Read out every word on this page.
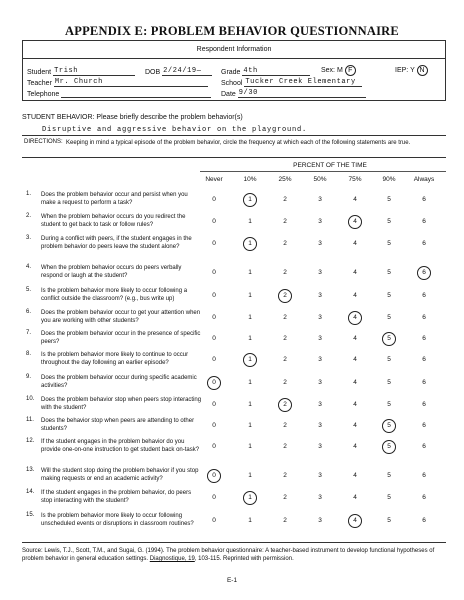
APPENDIX E: PROBLEM BEHAVIOR QUESTIONNAIRE
Respondent Information
Student Trish	DOB 2/24/19—	Grade 4th	Sex: M F	IEP: Y N
Teacher Mr. Church	School Tucker Creek Elementary
Telephone	Date 9/30
STUDENT BEHAVIOR: Please briefly describe the problem behavior(s)
Disruptive and aggressive behavior on the playground.
DIRECTIONS: Keeping in mind a typical episode of the problem behavior, circle the frequency at which each of the following statements are true.
PERCENT OF THE TIME
Never	10%	25%	50%	75%	90%	Always
1.	Does the problem behavior occur and persist when you make a request to perform a task?	0	1	2	3	4	5	6
2.	When the problem behavior occurs do you redirect the student to get back to task or follow rules?	0	1	2	3	4	5	6
3.	During a conflict with peers, if the student engages in the problem behavior do peers leave the student alone?	0	1	2	3	4	5	6
4.	When the problem behavior occurs do peers verbally respond or laugh at the student?	0	1	2	3	4	5	6
5.	Is the problem behavior more likely to occur following a conflict outside the classroom? (e.g., bus write up)	0	1	2	3	4	5	6
6.	Does the problem behavior occur to get your attention when you are working with other students?	0	1	2	3	4	5	6
7.	Does the problem behavior occur in the presence of specific peers?	0	1	2	3	4	5	6
8.	Is the problem behavior more likely to continue to occur throughout the day following an earlier episode?	0	1	2	3	4	5	6
9.	Does the problem behavior occur during specific academic activities?	0	1	2	3	4	5	6
10.	Does the problem behavior stop when peers stop interacting with the student?	0	1	2	3	4	5	6
11.	Does the behavior stop when peers are attending to other students?	0	1	2	3	4	5	6
12.	If the student engages in the problem behavior do you provide one-on-one instruction to get student back on-task?	0	1	2	3	4	5	6
13.	Will the student stop doing the problem behavior if you stop making requests or end an academic activity?	0	1	2	3	4	5	6
14.	If the student engages in the problem behavior, do peers stop interacting with the student?	0	1	2	3	4	5	6
15.	Is the problem behavior more likely to occur following unscheduled events or disruptions in classroom routines?	0	1	2	3	4	5	6
Source: Lewis, T.J., Scott, T.M., and Sugai, G. (1994). The problem behavior questionnaire: A teacher-based instrument to develop functional hypotheses of problem behavior in general education settings. Diagnostique, 19, 103-115. Reprinted with permission.
E-1
